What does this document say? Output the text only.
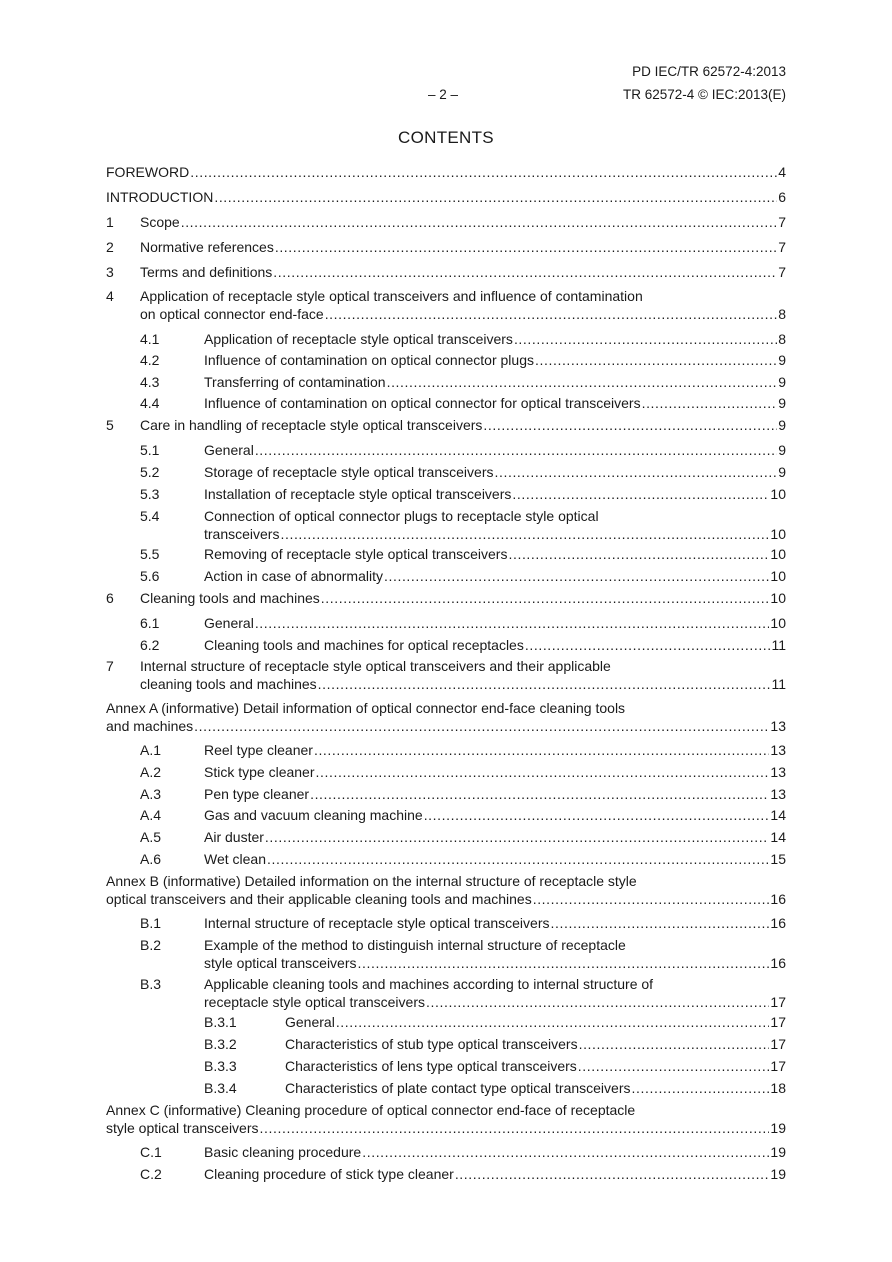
PD IEC/TR 62572-4:2013
– 2 –	TR 62572-4 © IEC:2013(E)
CONTENTS
FOREWORD .....	4
INTRODUCTION .....	6
1 Scope .....	7
2 Normative references .....	7
3 Terms and definitions .....	7
4 Application of receptacle style optical transceivers and influence of contamination
on optical connector end-face .....	8
4.1	Application of receptacle style optical transceivers .....	8
4.2	Influence of contamination on optical connector plugs .....	9
4.3	Transferring of contamination .....	9
4.4	Influence of contamination on optical connector for optical transceivers .....	9
5 Care in handling of receptacle style optical transceivers .....	9
5.1	General .....	9
5.2	Storage of receptacle style optical transceivers .....	9
5.3	Installation of receptacle style optical transceivers .....	10
5.4	Connection of optical connector plugs to receptacle style optical
transceivers .....	10
5.5	Removing of receptacle style optical transceivers .....	10
5.6	Action in case of abnormality .....	10
6 Cleaning tools and machines .....	10
6.1	General .....	10
6.2	Cleaning tools and machines for optical receptacles .....	11
7 Internal structure of receptacle style optical transceivers and their applicable
cleaning tools and machines .....	11
Annex A (informative) Detail information of optical connector end-face cleaning tools
and machines .....	13
A.1	Reel type cleaner .....	13
A.2	Stick type cleaner .....	13
A.3	Pen type cleaner .....	13
A.4	Gas and vacuum cleaning machine .....	14
A.5	Air duster .....	14
A.6	Wet clean .....	15
Annex B (informative) Detailed information on the internal structure of receptacle style
optical transceivers and their applicable cleaning tools and machines .....	16
B.1	Internal structure of receptacle style optical transceivers .....	16
B.2	Example of the method to distinguish internal structure of receptacle
style optical transceivers .....	16
B.3	Applicable cleaning tools and machines according to internal structure of
receptacle style optical transceivers .....	17
B.3.1	General .....	17
B.3.2	Characteristics of stub type optical transceivers .....	17
B.3.3	Characteristics of lens type optical transceivers .....	17
B.3.4	Characteristics of plate contact type optical transceivers .....	18
Annex C (informative) Cleaning procedure of optical connector end-face of receptacle
style optical transceivers .....	19
C.1	Basic cleaning procedure .....	19
C.2	Cleaning procedure of stick type cleaner .....	19
